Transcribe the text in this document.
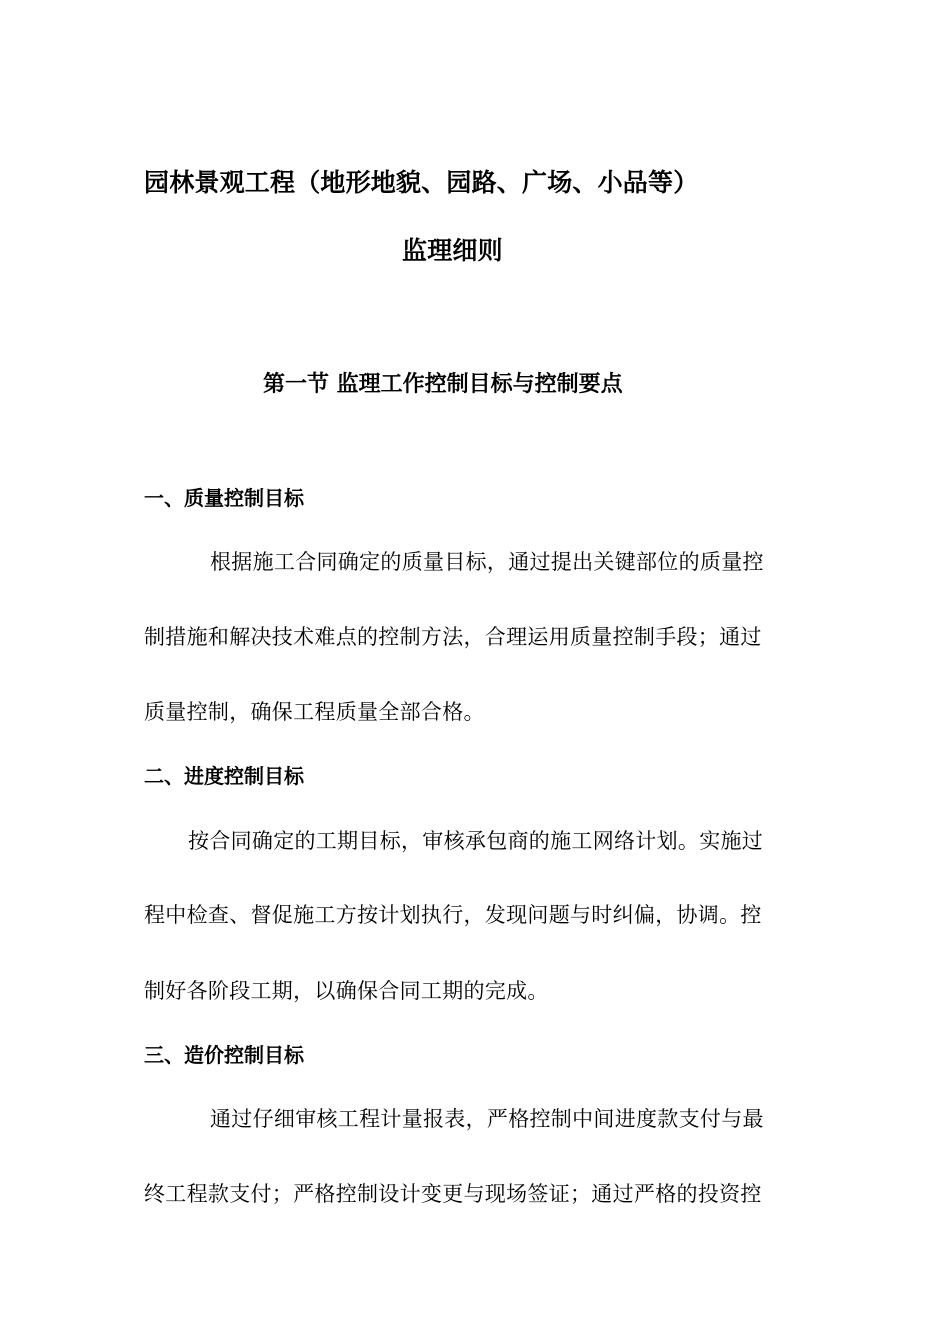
园林景观工程（地形地貌、园路、广场、小品等）
监理细则
第一节 监理工作控制目标与控制要点
一、质量控制目标
根据施工合同确定的质量目标，通过提出关键部位的质量控
制措施和解决技术难点的控制方法，合理运用质量控制手段；通过
质量控制，确保工程质量全部合格。
二、进度控制目标
按合同确定的工期目标，审核承包商的施工网络计划。实施过
程中检查、督促施工方按计划执行，发现问题与时纠偏，协调。控
制好各阶段工期，以确保合同工期的完成。
三、造价控制目标
通过仔细审核工程计量报表，严格控制中间进度款支付与最
终工程款支付；严格控制设计变更与现场签证；通过严格的投资控
